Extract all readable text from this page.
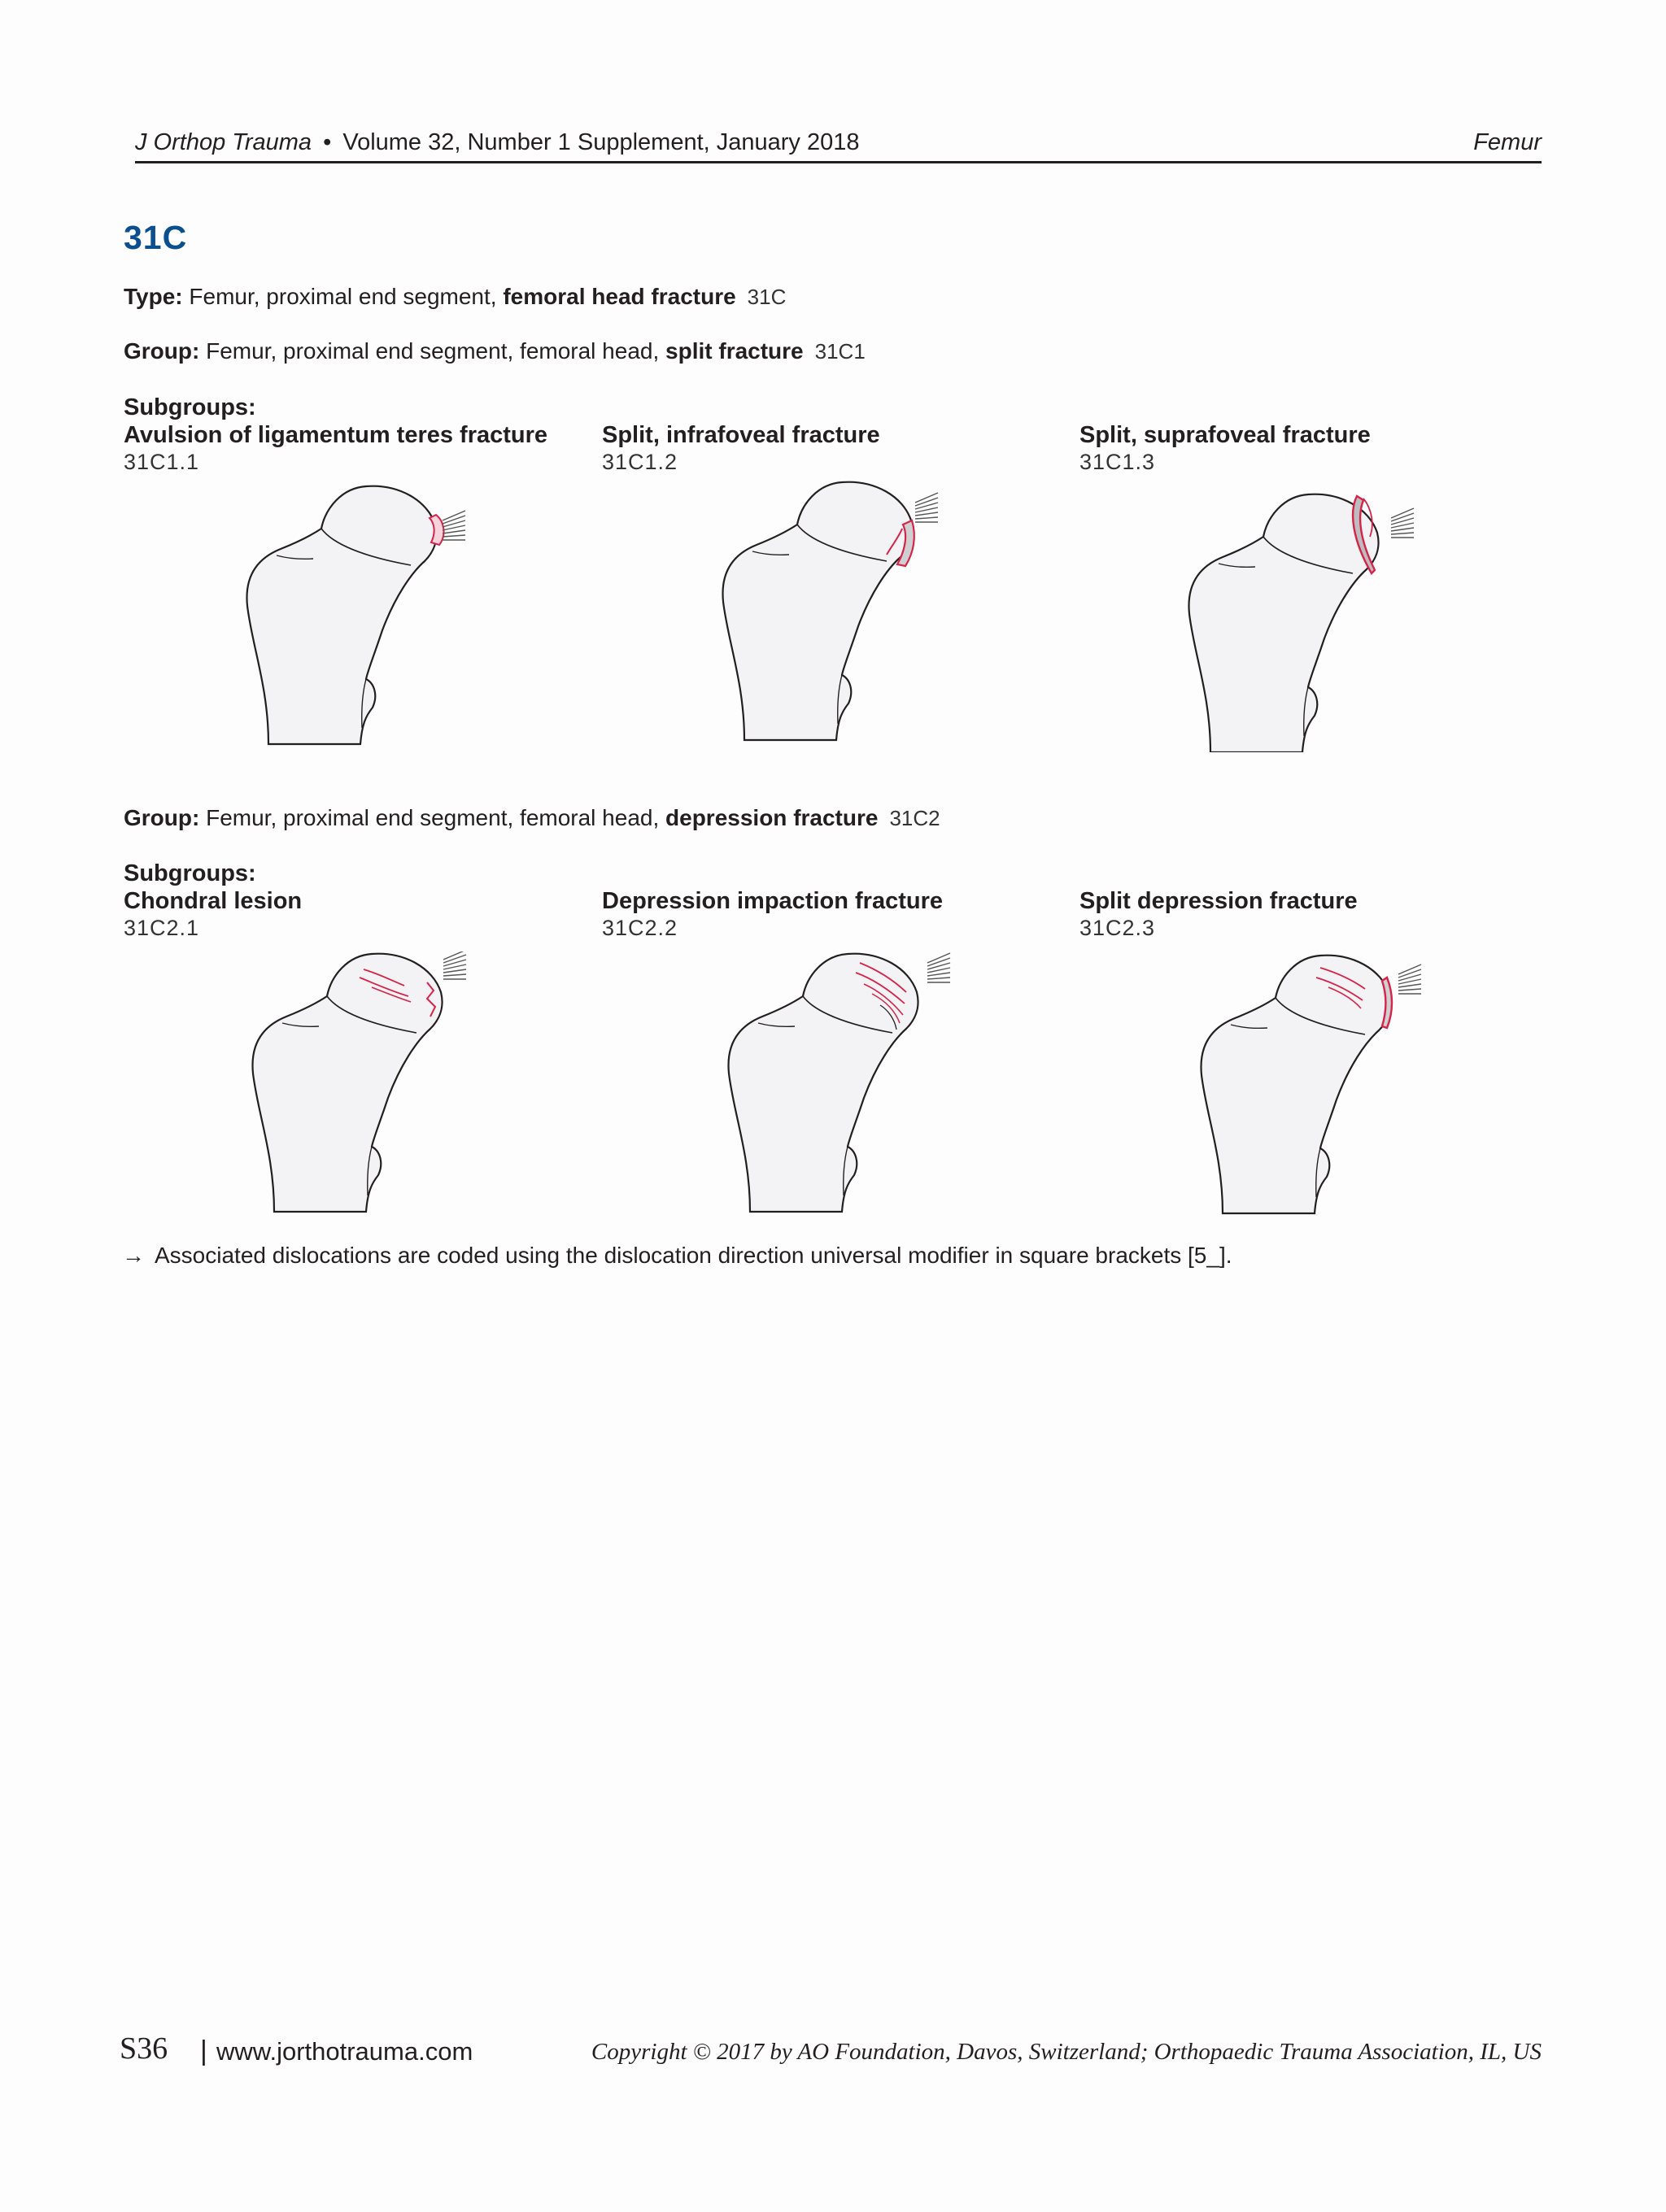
J Orthop Trauma • Volume 32, Number 1 Supplement, January 2018	Femur
31C
Type: Femur, proximal end segment, femoral head fracture 31C
Group: Femur, proximal end segment, femoral head, split fracture 31C1
Subgroups:
Avulsion of ligamentum teres fracture
31C1.1
Split, infrafoveal fracture
31C1.2
Split, suprafoveal fracture
31C1.3
Group: Femur, proximal end segment, femoral head, depression fracture 31C2
Subgroups:
Chondral lesion
31C2.1
Depression impaction fracture
31C2.2
Split depression fracture
31C2.3
→ Associated dislocations are coded using the dislocation direction universal modifier in square brackets [5_].
S36 | www.jorthotrauma.com	Copyright © 2017 by AO Foundation, Davos, Switzerland; Orthopaedic Trauma Association, IL, US
